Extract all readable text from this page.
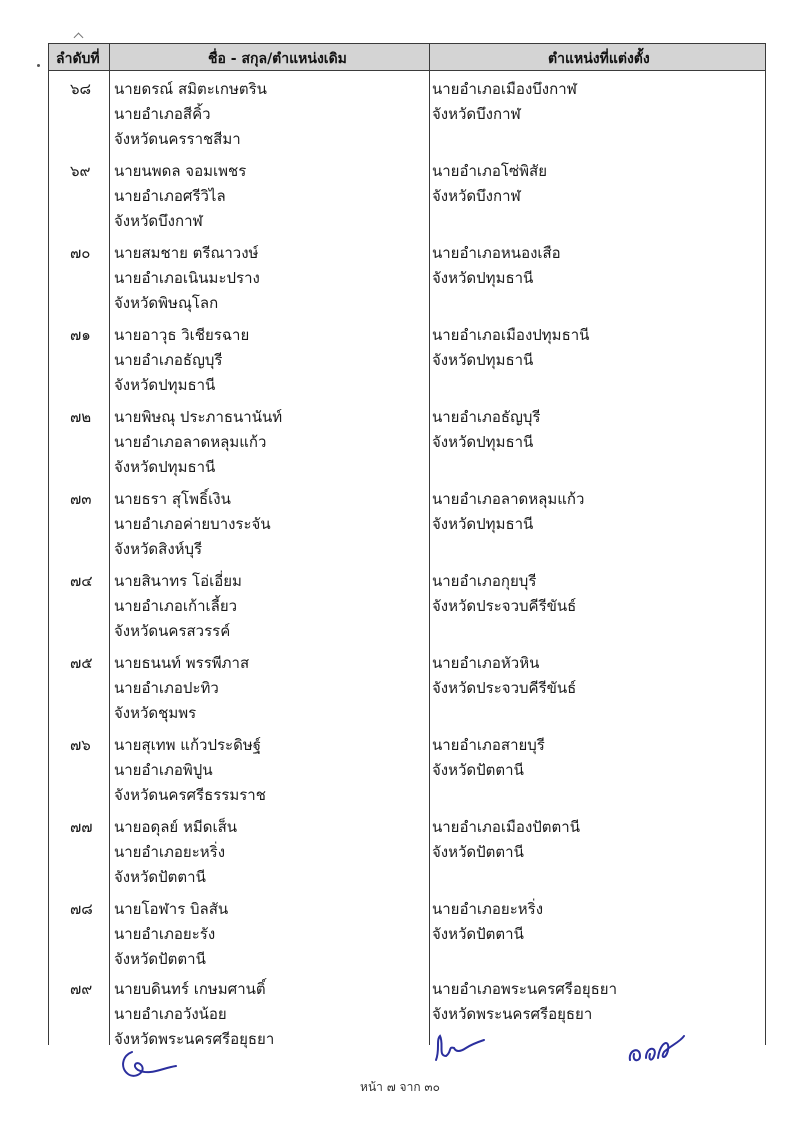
ลำดับที่	ชื่อ - สกุล/ตำแหน่งเดิม	ตำแหน่งที่แต่งตั้ง
๖๘ นายดรณ์ สมิตะเกษตริน
นายอำเภอสีคิ้ว
จังหวัดนครราชสีมา
นายอำเภอเมืองบึงกาฬ
จังหวัดบึงกาฬ
๖๙ นายนพดล จอมเพชร
นายอำเภอศรีวิไล
จังหวัดบึงกาฬ
นายอำเภอโซ่พิสัย
จังหวัดบึงกาฬ
๗๐ นายสมชาย ตรีณาวงษ์
นายอำเภอเนินมะปราง
จังหวัดพิษณุโลก
นายอำเภอหนองเสือ
จังหวัดปทุมธานี
๗๑ นายอาวุธ วิเชียรฉาย
นายอำเภอธัญบุรี
จังหวัดปทุมธานี
นายอำเภอเมืองปทุมธานี
จังหวัดปทุมธานี
๗๒ นายพิษณุ ประภาธนานันท์
นายอำเภอลาดหลุมแก้ว
จังหวัดปทุมธานี
นายอำเภอธัญบุรี
จังหวัดปทุมธานี
๗๓ นายธรา สุโพธิ์เงิน
นายอำเภอค่ายบางระจัน
จังหวัดสิงห์บุรี
นายอำเภอลาดหลุมแก้ว
จังหวัดปทุมธานี
๗๔ นายสินาทร โอ่เอี่ยม
นายอำเภอเก้าเลี้ยว
จังหวัดนครสวรรค์
นายอำเภอกุยบุรี
จังหวัดประจวบคีรีขันธ์
๗๕ นายธนนท์ พรรพีภาส
นายอำเภอปะทิว
จังหวัดชุมพร
นายอำเภอหัวหิน
จังหวัดประจวบคีรีขันธ์
๗๖ นายสุเทพ แก้วประดิษฐ์
นายอำเภอพิปูน
จังหวัดนครศรีธรรมราช
นายอำเภอสายบุรี
จังหวัดปัตตานี
๗๗ นายอดุลย์ หมีดเส็น
นายอำเภอยะหริ่ง
จังหวัดปัตตานี
นายอำเภอเมืองปัตตานี
จังหวัดปัตตานี
๗๘ นายโอฬาร บิลสัน
นายอำเภอยะรัง
จังหวัดปัตตานี
นายอำเภอยะหริ่ง
จังหวัดปัตตานี
๗๙ นายบดินทร์ เกษมศานติ์
นายอำเภอวังน้อย
จังหวัดพระนครศรีอยุธยา
นายอำเภอพระนครศรีอยุธยา
จังหวัดพระนครศรีอยุธยา
หน้า ๗ จาก ๓๐
